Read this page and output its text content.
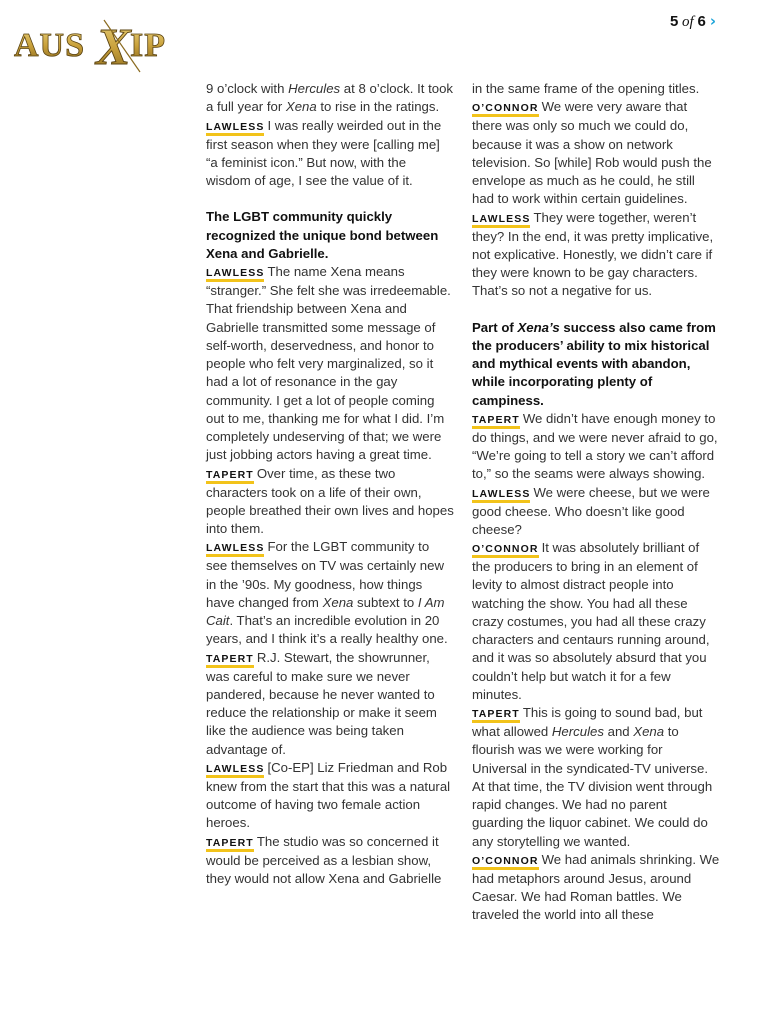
AUS X IP
5 of 6 ›

9 o’clock with Hercules at 8 o’clock. It took a full year for Xena to rise in the ratings.

LAWLESS I was really weirded out in the first season when they were [calling me] “a feminist icon.” But now, with the wisdom of age, I see the value of it.

The LGBT community quickly recognized the unique bond between Xena and Gabrielle.

LAWLESS The name Xena means “stranger.” She felt she was irredeemable. That friendship between Xena and Gabrielle transmitted some message of self-worth, deservedness, and honor to people who felt very marginalized, so it had a lot of resonance in the gay community. I get a lot of people coming out to me, thanking me for what I did. I’m completely undeserving of that; we were just jobbing actors having a great time.

TAPERT Over time, as these two characters took on a life of their own, people breathed their own lives and hopes into them.

LAWLESS For the LGBT community to see themselves on TV was certainly new in the ’90s. My goodness, how things have changed from Xena subtext to I Am Cait. That’s an incredible evolution in 20 years, and I think it’s a really healthy one.

TAPERT R.J. Stewart, the showrunner, was careful to make sure we never pandered, because he never wanted to reduce the relationship or make it seem like the audience was being taken advantage of.

LAWLESS [Co-EP] Liz Friedman and Rob knew from the start that this was a natural outcome of having two female action heroes.

TAPERT The studio was so concerned it would be perceived as a lesbian show, they would not allow Xena and Gabrielle

in the same frame of the opening titles.

O’CONNOR We were very aware that there was only so much we could do, because it was a show on network television. So [while] Rob would push the envelope as much as he could, he still had to work within certain guidelines.

LAWLESS They were together, weren’t they? In the end, it was pretty implicative, not explicative. Honestly, we didn’t care if they were known to be gay characters. That’s so not a negative for us.

Part of Xena’s success also came from the producers’ ability to mix historical and mythical events with abandon, while incorporating plenty of campiness.

TAPERT We didn’t have enough money to do things, and we were never afraid to go, “We’re going to tell a story we can’t afford to,” so the seams were always showing.

LAWLESS We were cheese, but we were good cheese. Who doesn’t like good cheese?

O’CONNOR It was absolutely brilliant of the producers to bring in an element of levity to almost distract people into watching the show. You had all these crazy costumes, you had all these crazy characters and centaurs running around, and it was so absolutely absurd that you couldn’t help but watch it for a few minutes.

TAPERT This is going to sound bad, but what allowed Hercules and Xena to flourish was we were working for Universal in the syndicated-TV universe. At that time, the TV division went through rapid changes. We had no parent guarding the liquor cabinet. We could do any storytelling we wanted.

O’CONNOR We had animals shrinking. We had metaphors around Jesus, around Caesar. We had Roman battles. We traveled the world into all these
